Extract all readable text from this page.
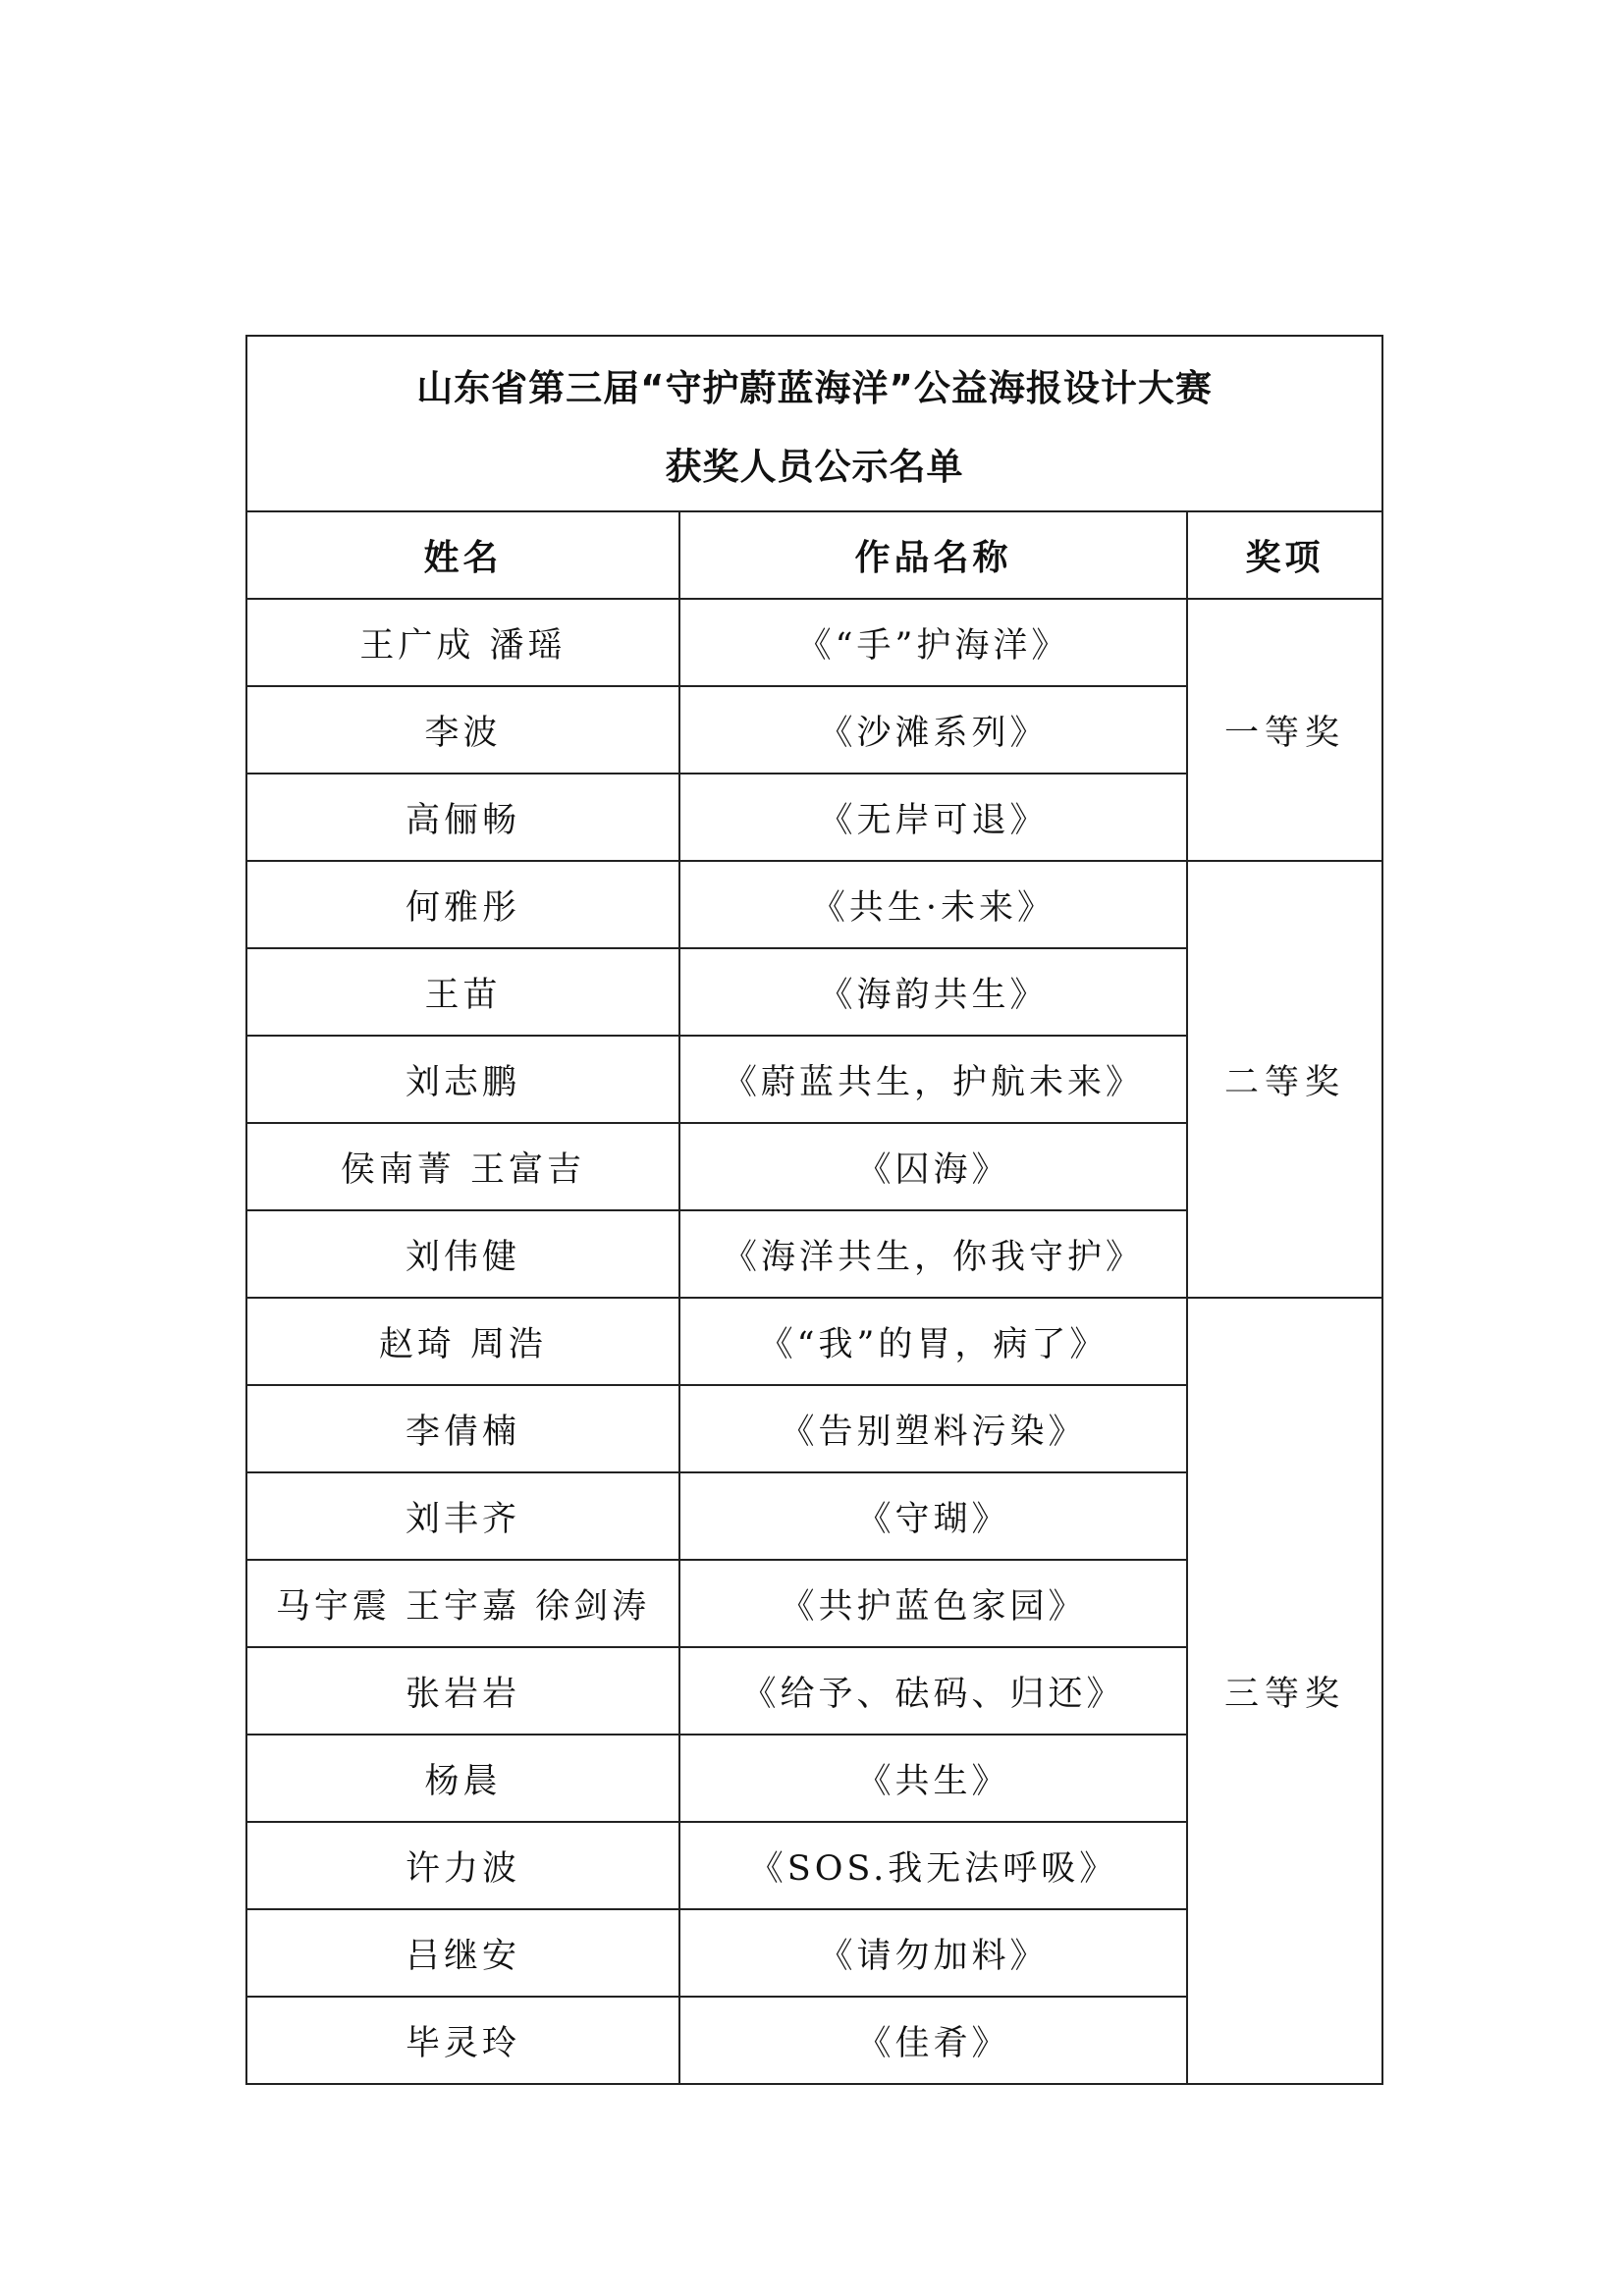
山东省第三届“守护蔚蓝海洋”公益海报设计大赛
获奖人员公示名单		

姓名	作品名称	奖项
王广成 潘瑶	《“手”护海洋》	一等奖
李波	《沙滩系列》	
高俪畅	《无岸可退》	
何雅彤	《共生·未来》	二等奖
王苗	《海韵共生》	
刘志鹏	《蔚蓝共生，护航未来》	
侯南菁 王富吉	《囚海》	
刘伟健	《海洋共生，你我守护》	
赵琦 周浩	《“我”的胃，病了》	三等奖
李倩楠	《告别塑料污染》	
刘丰齐	《守瑚》	
马宇震 王宇嘉 徐剑涛	《共护蓝色家园》	
张岩岩	《给予、砝码、归还》	
杨晨	《共生》	
许力波	《SOS.我无法呼吸》	
吕继安	《请勿加料》	
毕灵玲	《佳肴》	
